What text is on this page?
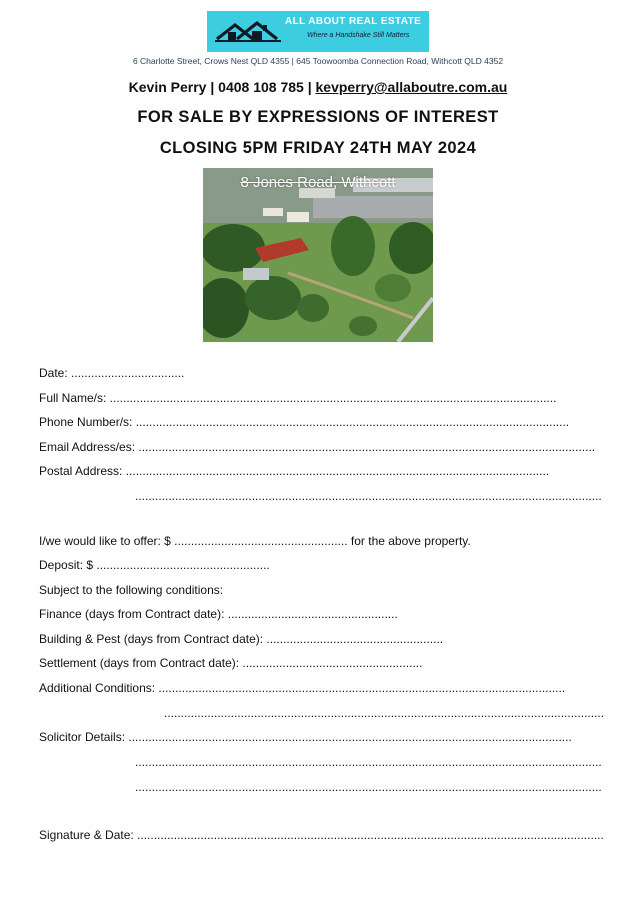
ALL ABOUT REAL ESTATE
Where a Handshake Still Matters
6 Charlotte Street, Crows Nest QLD 4355 | 645 Toowoomba Connection Road, Withcott QLD 4352
Kevin Perry | 0408 108 785 | kevperry@allaboutre.com.au
FOR SALE BY EXPRESSIONS OF INTEREST
CLOSING 5PM FRIDAY 24TH MAY 2024
8 Jones Road, Withcott
Date: ..................................
Full Name/s: ......................................................................................................................................
Phone Number/s: ..................................................................................................................................
Email Address/es: .........................................................................................................................................
Postal Address: ...............................................................................................................................
............................................................................................................................................
I/we would like to offer: $ .................................................... for the above property.
Deposit: $ ....................................................
Subject to the following conditions:
Finance (days from Contract date): ...................................................
Building & Pest (days from Contract date): .....................................................
Settlement (days from Contract date): ......................................................
Additional Conditions: ..........................................................................................................................
....................................................................................................................................
Solicitor Details: .....................................................................................................................................
............................................................................................................................................
............................................................................................................................................
Signature & Date: ............................................................................................................................................
